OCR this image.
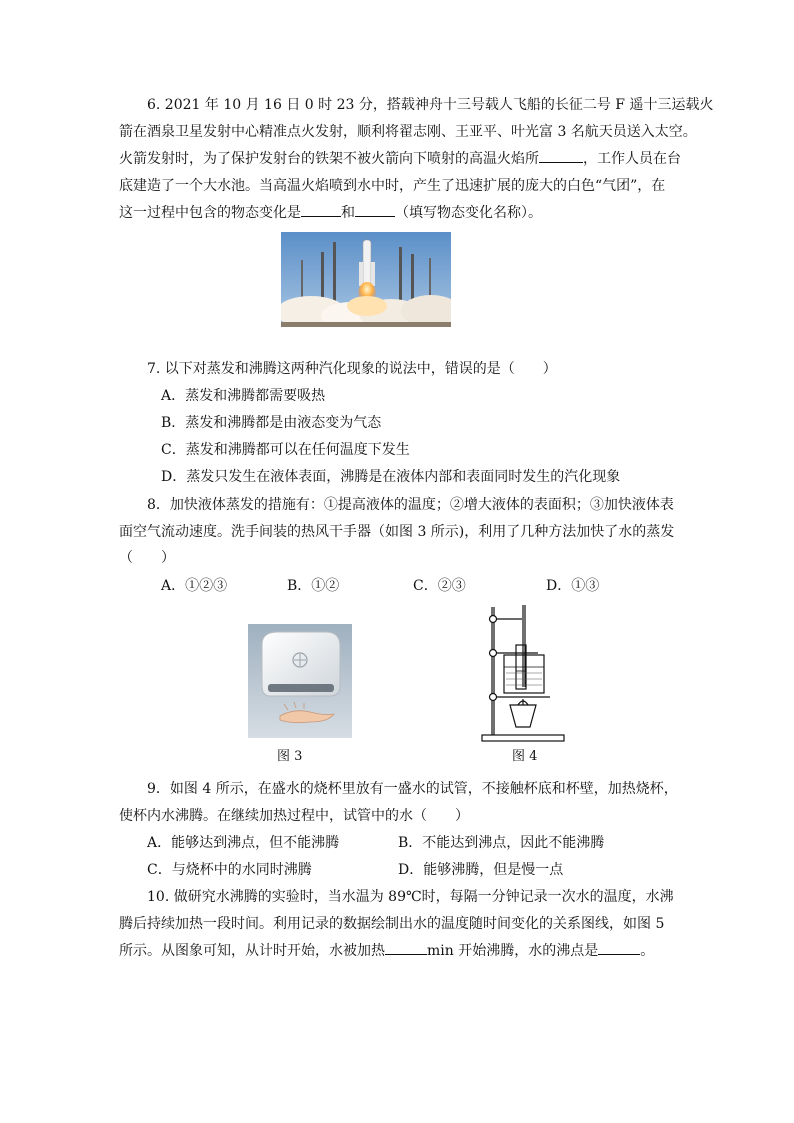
6. 2021 年 10 月 16 日 0 时 23 分，搭载神舟十三号载人飞船的长征二号 F 遥十三运载火
箭在酒泉卫星发射中心精准点火发射，顺利将翟志刚、王亚平、叶光富 3 名航天员送入太空。
火箭发射时，为了保护发射台的铁架不被火箭向下喷射的高温火焰所	，工作人员在台
底建造了一个大水池。当高温火焰喷到水中时，产生了迅速扩展的庞大的白色“气团”，在
这一过程中包含的物态变化是	和	（填写物态变化名称）。
7. 以下对蒸发和沸腾这两种汽化现象的说法中，错误的是（　　）
A．蒸发和沸腾都需要吸热
B．蒸发和沸腾都是由液态变为气态
C．蒸发和沸腾都可以在任何温度下发生
D．蒸发只发生在液体表面，沸腾是在液体内部和表面同时发生的汽化现象
8．加快液体蒸发的措施有：①提高液体的温度；②增大液体的表面积；③加快液体表
面空气流动速度。洗手间装的热风干手器（如图 3 所示)，利用了几种方法加快了水的蒸发
（　　）
A．①②③	B．①②	C．②③	D．①③
图 3	图 4
9．如图 4 所示，在盛水的烧杯里放有一盛水的试管，不接触杯底和杯壁，加热烧杯，
使杯内水沸腾。在继续加热过程中，试管中的水（　　）
A．能够达到沸点，但不能沸腾	B．不能达到沸点，因此不能沸腾
C．与烧杯中的水同时沸腾	D．能够沸腾，但是慢一点
10. 做研究水沸腾的实验时，当水温为 89℃时，每隔一分钟记录一次水的温度，水沸
腾后持续加热一段时间。利用记录的数据绘制出水的温度随时间变化的关系图线，如图 5
所示。从图象可知，从计时开始，水被加热	min 开始沸腾，水的沸点是	。
